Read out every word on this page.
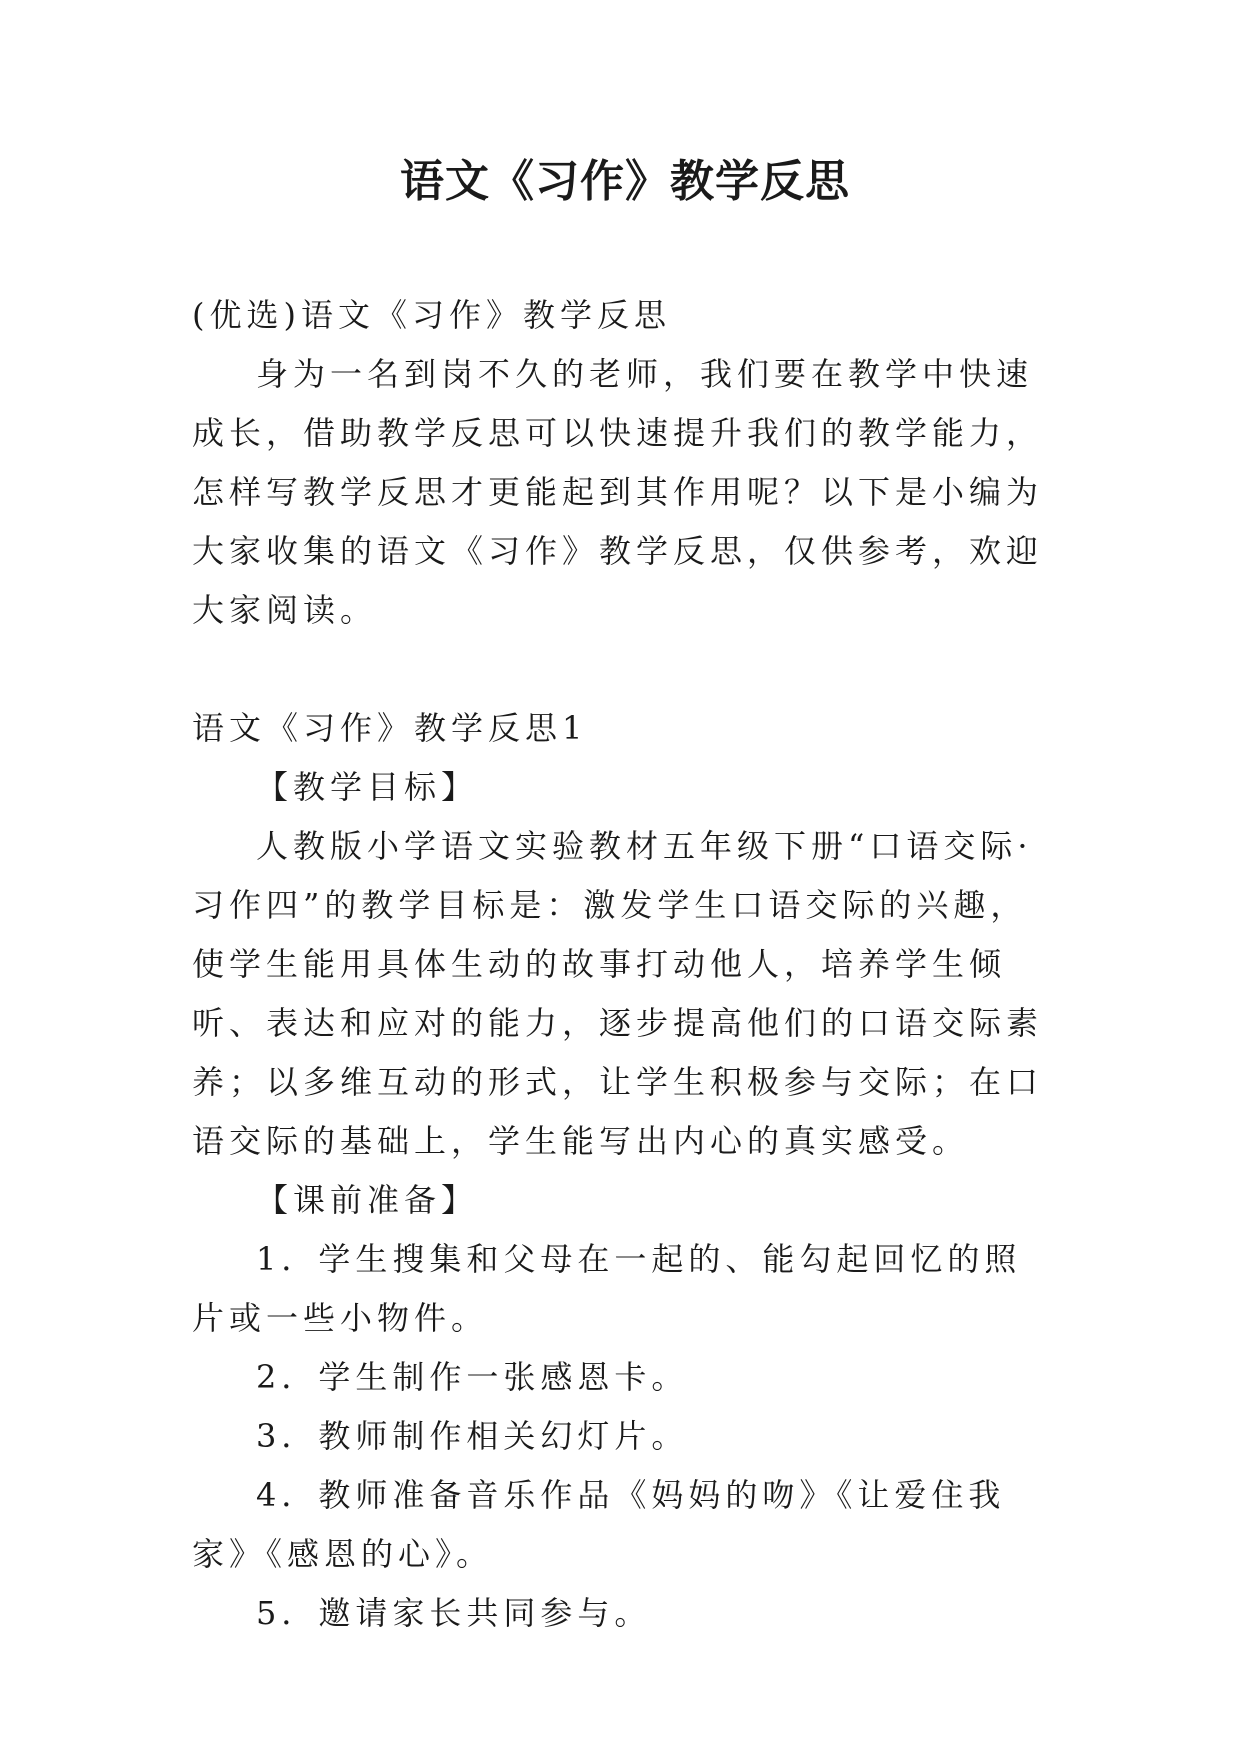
语文《习作》教学反思

(优选)语文《习作》教学反思

身为一名到岗不久的老师，我们要在教学中快速成长，借助教学反思可以快速提升我们的教学能力，怎样写教学反思才更能起到其作用呢？以下是小编为大家收集的语文《习作》教学反思，仅供参考，欢迎大家阅读。

语文《习作》教学反思1

【教学目标】

人教版小学语文实验教材五年级下册“口语交际·习作四”的教学目标是：激发学生口语交际的兴趣，使学生能用具体生动的故事打动他人，培养学生倾听、表达和应对的能力，逐步提高他们的口语交际素养；以多维互动的形式，让学生积极参与交际；在口语交际的基础上，学生能写出内心的真实感受。

【课前准备】

1．学生搜集和父母在一起的、能勾起回忆的照片或一些小物件。

2．学生制作一张感恩卡。

3．教师制作相关幻灯片。

4．教师准备音乐作品《妈妈的吻》《让爱住我家》《感恩的心》。

5．邀请家长共同参与。
